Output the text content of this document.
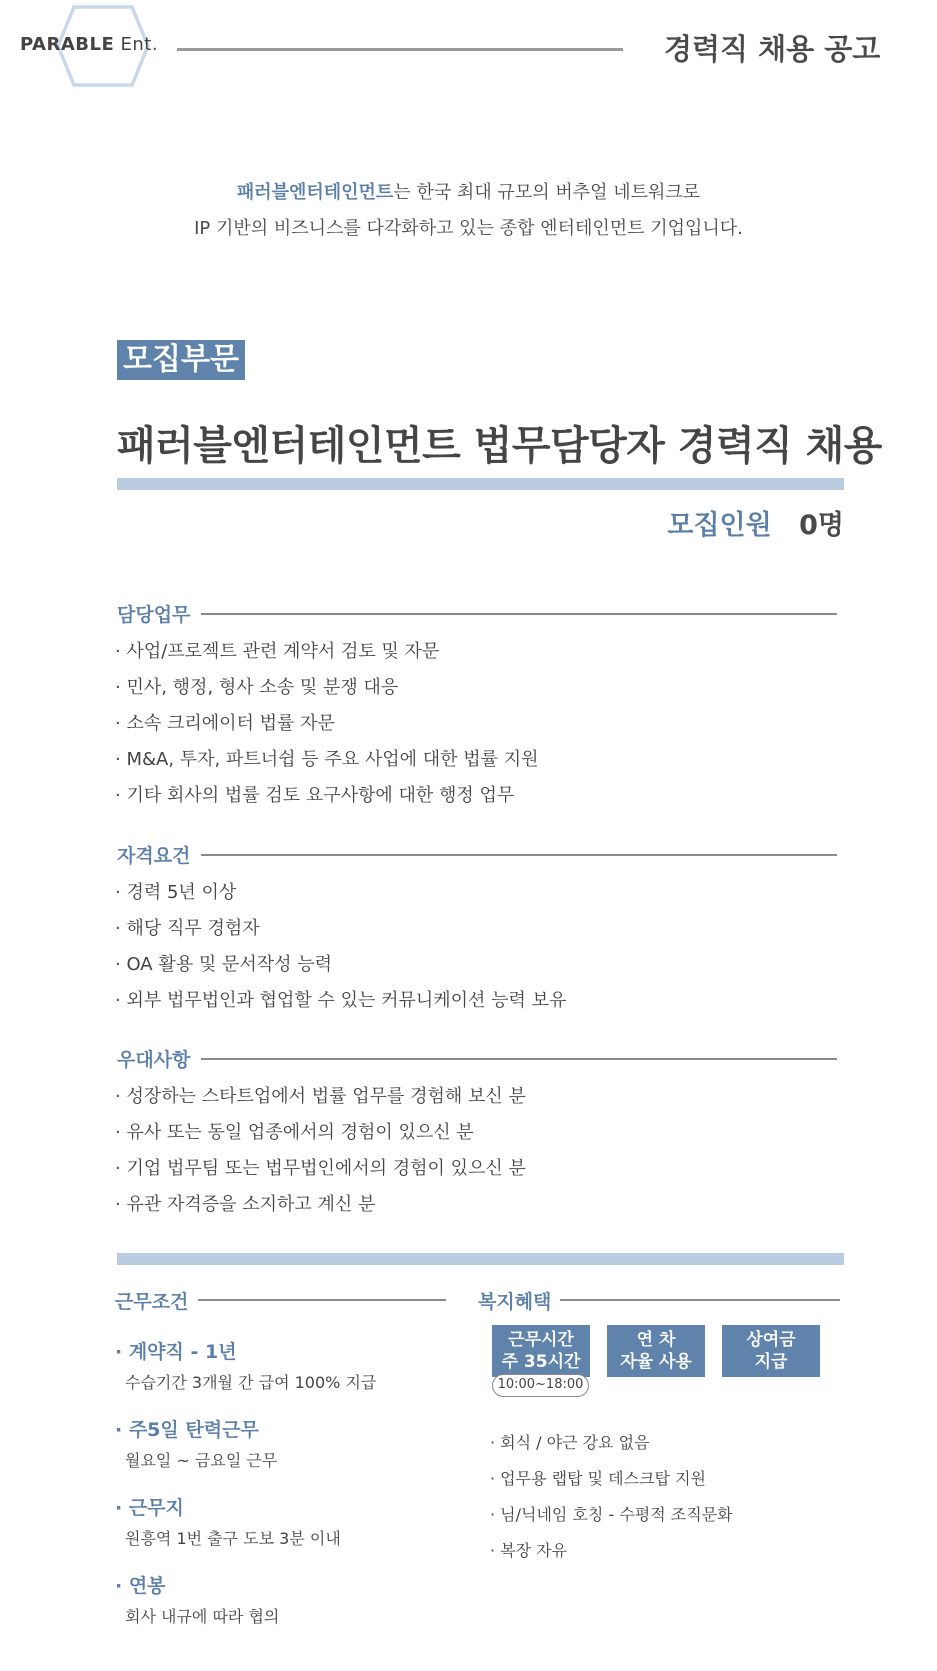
PARABLE Ent.	경력직 채용 공고
패러블엔터테인먼트는 한국 최대 규모의 버추얼 네트워크로
IP 기반의 비즈니스를 다각화하고 있는 종합 엔터테인먼트 기업입니다.
모집부문
패러블엔터테인먼트 법무담당자 경력직 채용
모집인원 0명
담당업무
· 사업/프로젝트 관련 계약서 검토 및 자문
· 민사, 행정, 형사 소송 및 분쟁 대응
· 소속 크리에이터 법률 자문
· M&A, 투자, 파트너쉽 등 주요 사업에 대한 법률 지원
· 기타 회사의 법률 검토 요구사항에 대한 행정 업무
자격요건
· 경력 5년 이상
· 해당 직무 경험자
· OA 활용 및 문서작성 능력
· 외부 법무법인과 협업할 수 있는 커뮤니케이션 능력 보유
우대사항
· 성장하는 스타트업에서 법률 업무를 경험해 보신 분
· 유사 또는 동일 업종에서의 경험이 있으신 분
· 기업 법무팀 또는 법무법인에서의 경험이 있으신 분
· 유관 자격증을 소지하고 계신 분
근무조건
· 계약직 - 1년
수습기간 3개월 간 급여 100% 지급
· 주5일 탄력근무
월요일 ~ 금요일 근무
· 근무지
원흥역 1번 출구 도보 3분 이내
· 연봉
회사 내규에 따라 협의
복지혜택
근무시간
주 35시간
10:00~18:00
연 차
자율 사용
상여금
지급
· 회식 / 야근 강요 없음
· 업무용 랩탑 및 데스크탑 지원
· 님/닉네임 호칭 - 수평적 조직문화
· 복장 자유
